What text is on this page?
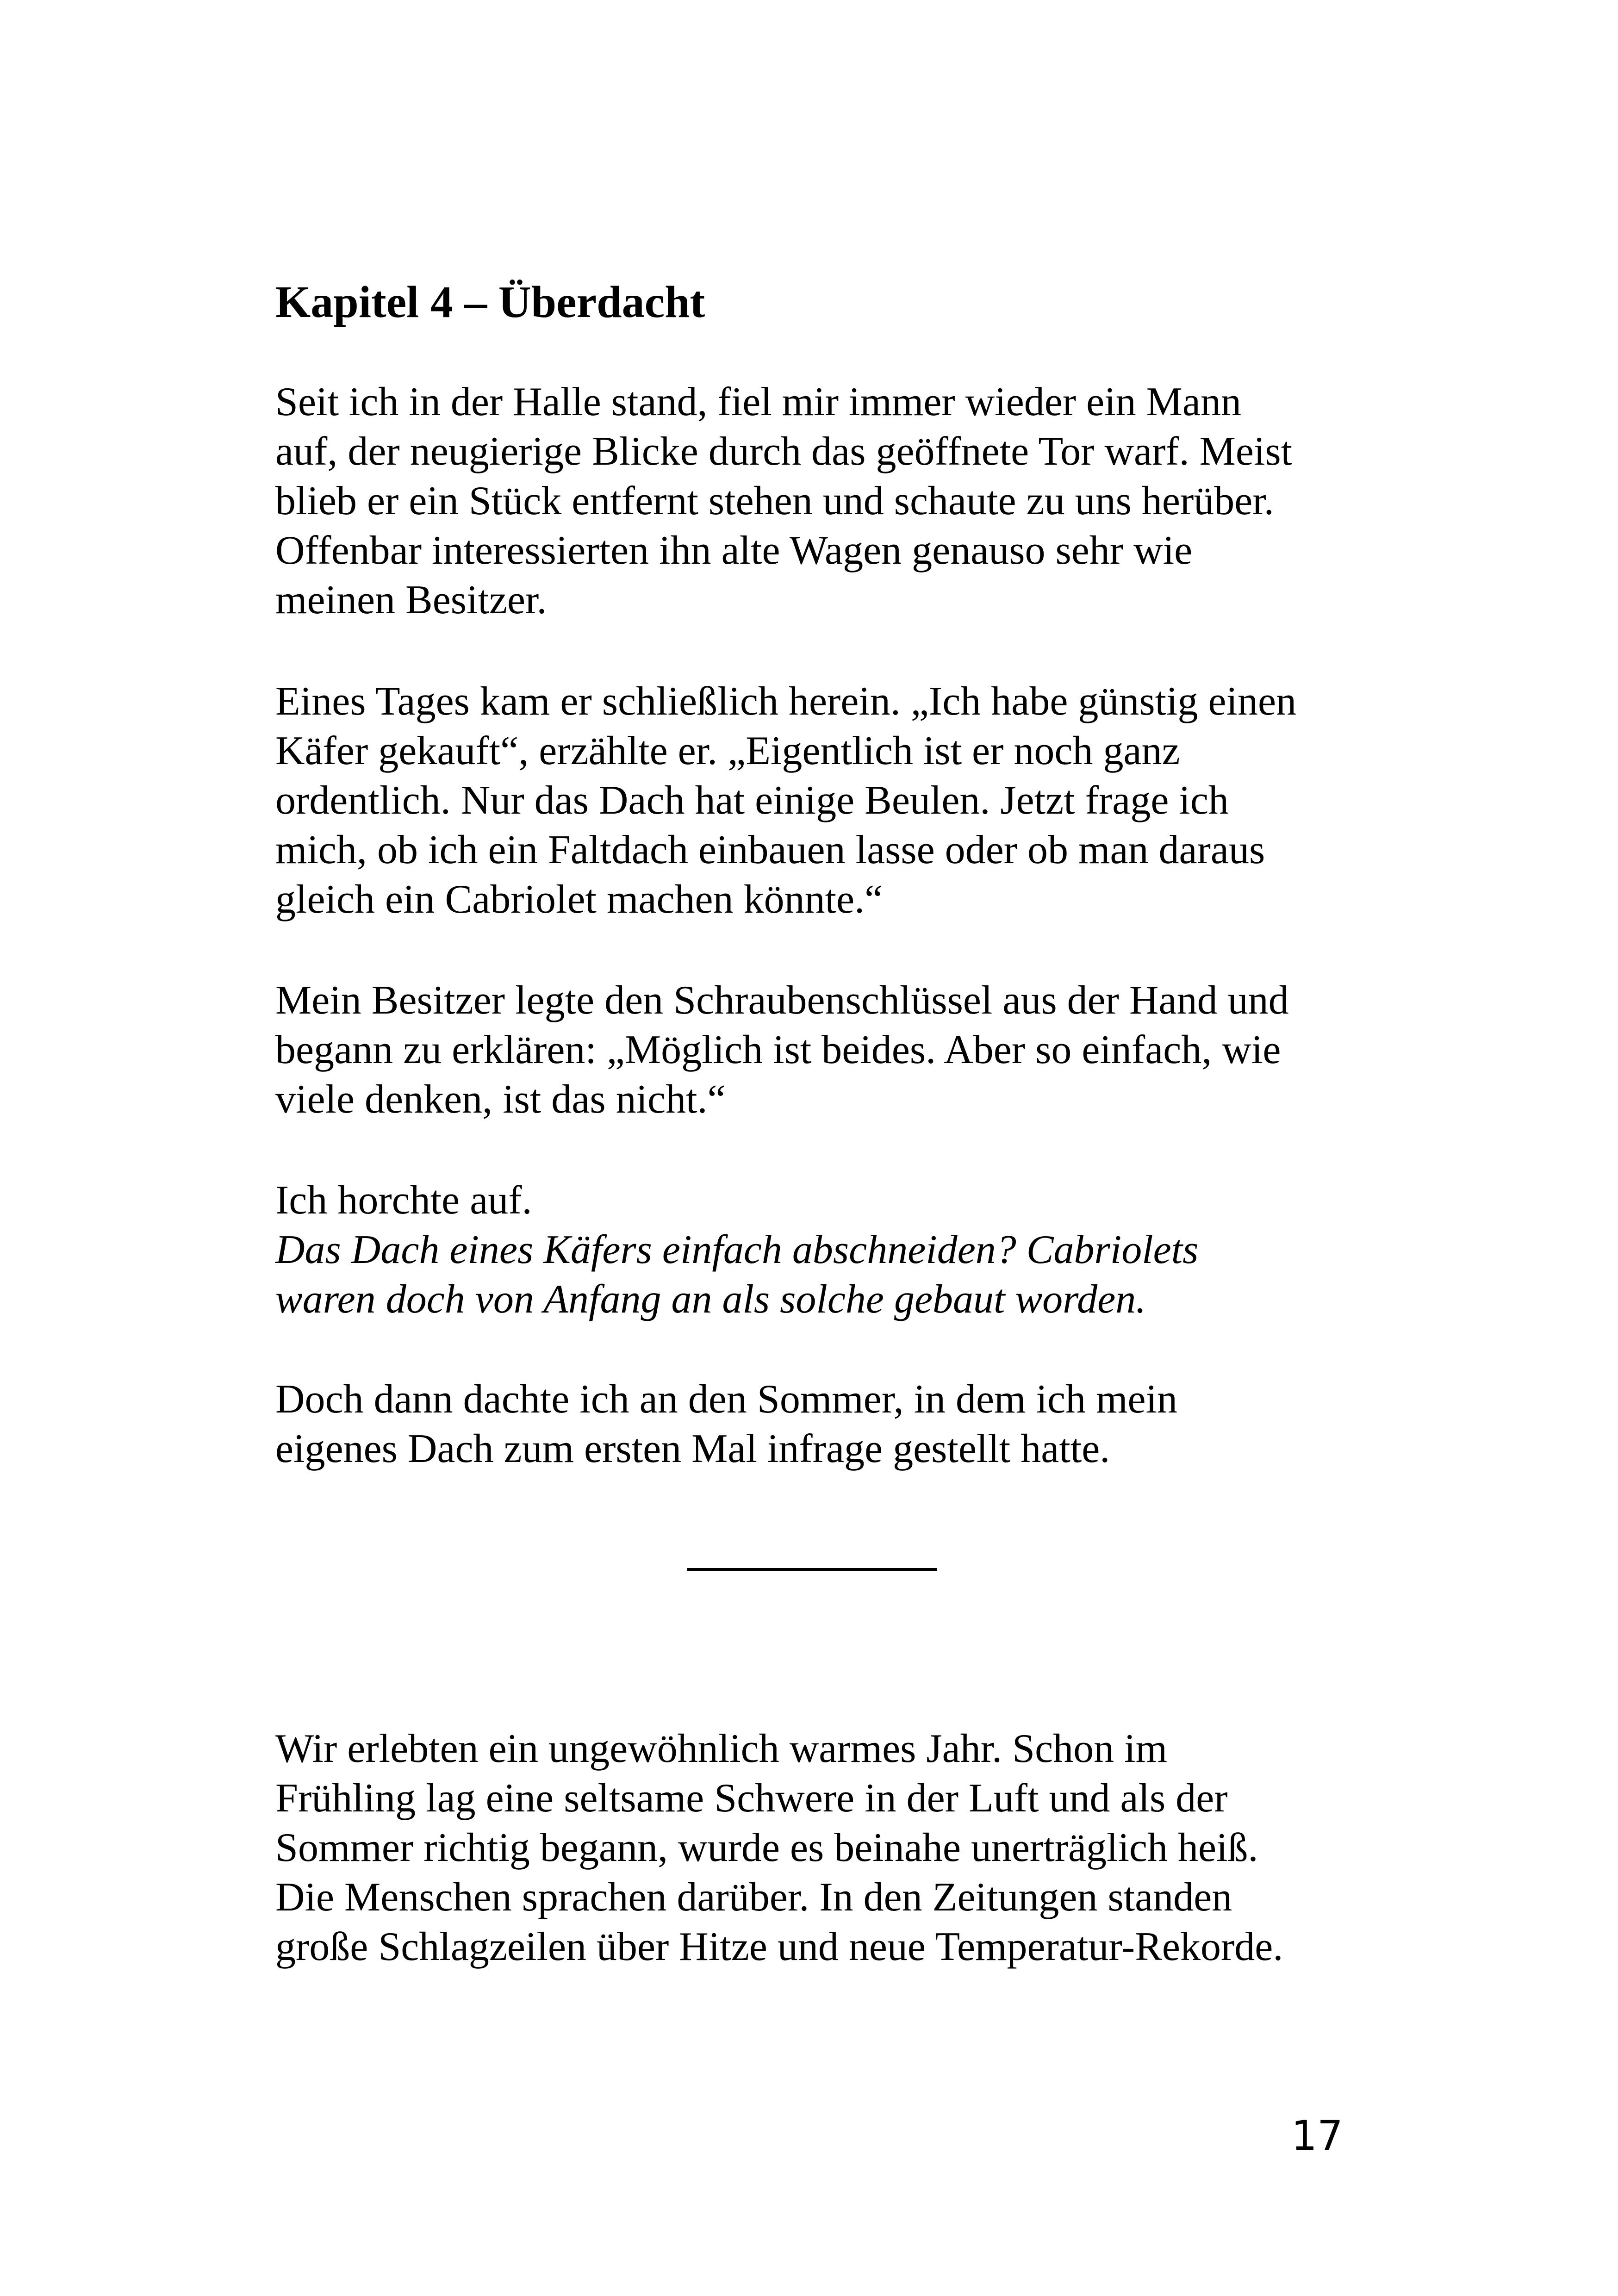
Kapitel 4 – Überdacht

Seit ich in der Halle stand, fiel mir immer wieder ein Mann
auf, der neugierige Blicke durch das geöffnete Tor warf. Meist
blieb er ein Stück entfernt stehen und schaute zu uns herüber.
Offenbar interessierten ihn alte Wagen genauso sehr wie
meinen Besitzer.

Eines Tages kam er schließlich herein. „Ich habe günstig einen
Käfer gekauft“, erzählte er. „Eigentlich ist er noch ganz
ordentlich. Nur das Dach hat einige Beulen. Jetzt frage ich
mich, ob ich ein Faltdach einbauen lasse oder ob man daraus
gleich ein Cabriolet machen könnte.“

Mein Besitzer legte den Schraubenschlüssel aus der Hand und
begann zu erklären: „Möglich ist beides. Aber so einfach, wie
viele denken, ist das nicht.“

Ich horchte auf.
Das Dach eines Käfers einfach abschneiden? Cabriolets
waren doch von Anfang an als solche gebaut worden.

Doch dann dachte ich an den Sommer, in dem ich mein
eigenes Dach zum ersten Mal infrage gestellt hatte.

Wir erlebten ein ungewöhnlich warmes Jahr. Schon im
Frühling lag eine seltsame Schwere in der Luft und als der
Sommer richtig begann, wurde es beinahe unerträglich heiß.
Die Menschen sprachen darüber. In den Zeitungen standen
große Schlagzeilen über Hitze und neue Temperatur-Rekorde.

17
